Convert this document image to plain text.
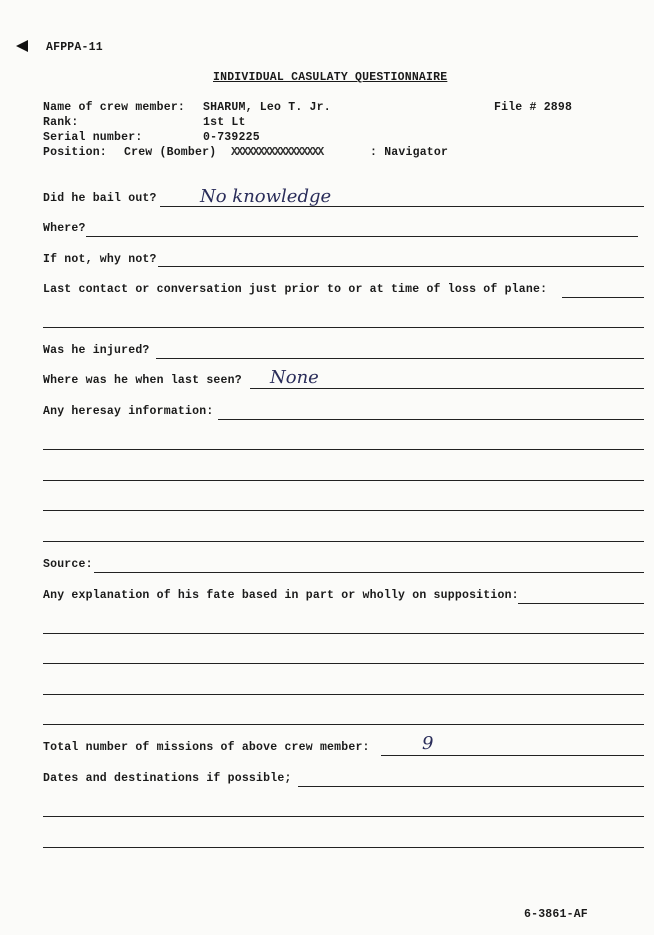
AFPPA-11
INDIVIDUAL CASULATY QUESTIONNAIRE
Name of crew member: SHARUM, Leo T. Jr.	File # 2898
Rank:	1st Lt
Serial number:	0-739225
Position: Crew (Bomber) XXXXXXXXXXXXXXXXX	: Navigator
Did he bail out? No knowledge
Where?
If not, why not?
Last contact or conversation just prior to or at time of loss of plane:
Was he injured?
Where was he when last seen? None
Any heresay information:
Source:
Any explanation of his fate based in part or wholly on supposition:
Total number of missions of above crew member:	9
Dates and destinations if possible;
6-3861-AF
